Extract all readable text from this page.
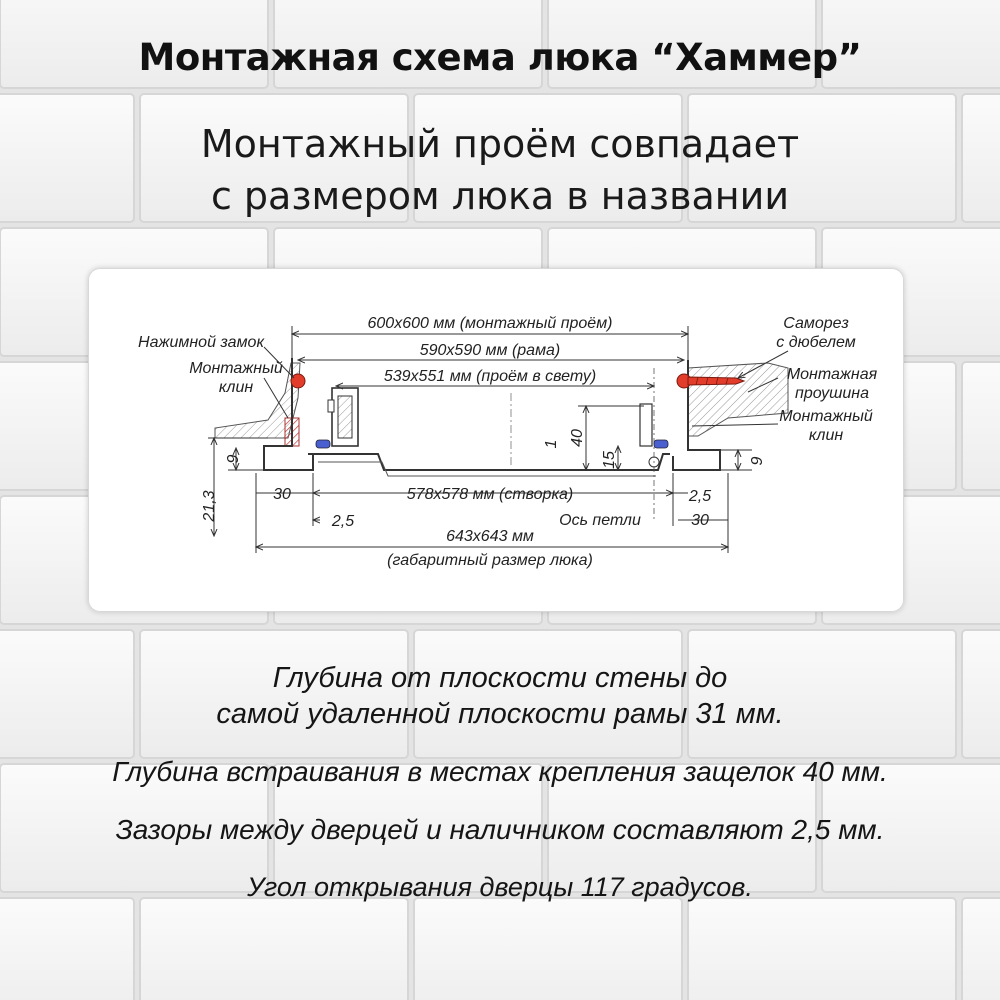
Монтажная схема люка “Хаммер”
Монтажный проём совпадает
с размером люка в названии
600х600 мм (монтажный проём)
590х590 мм (рама)
539х551 мм (проём в свету)
578х578 мм (створка)
643х643 мм
(габаритный размер люка)
Ось петли
Нажимной замок
Монтажный
клин
Саморез
с дюбелем
Монтажная
проушина
Монтажный
клин
9
21,3	30
2,5
1 40
15	9
2,5
30
Глубина от плоскости стены до
самой удаленной плоскости рамы 31 мм.
Глубина встраивания в местах крепления защелок 40 мм.
Зазоры между дверцей и наличником составляют 2,5 мм.
Угол открывания дверцы 117 градусов.
